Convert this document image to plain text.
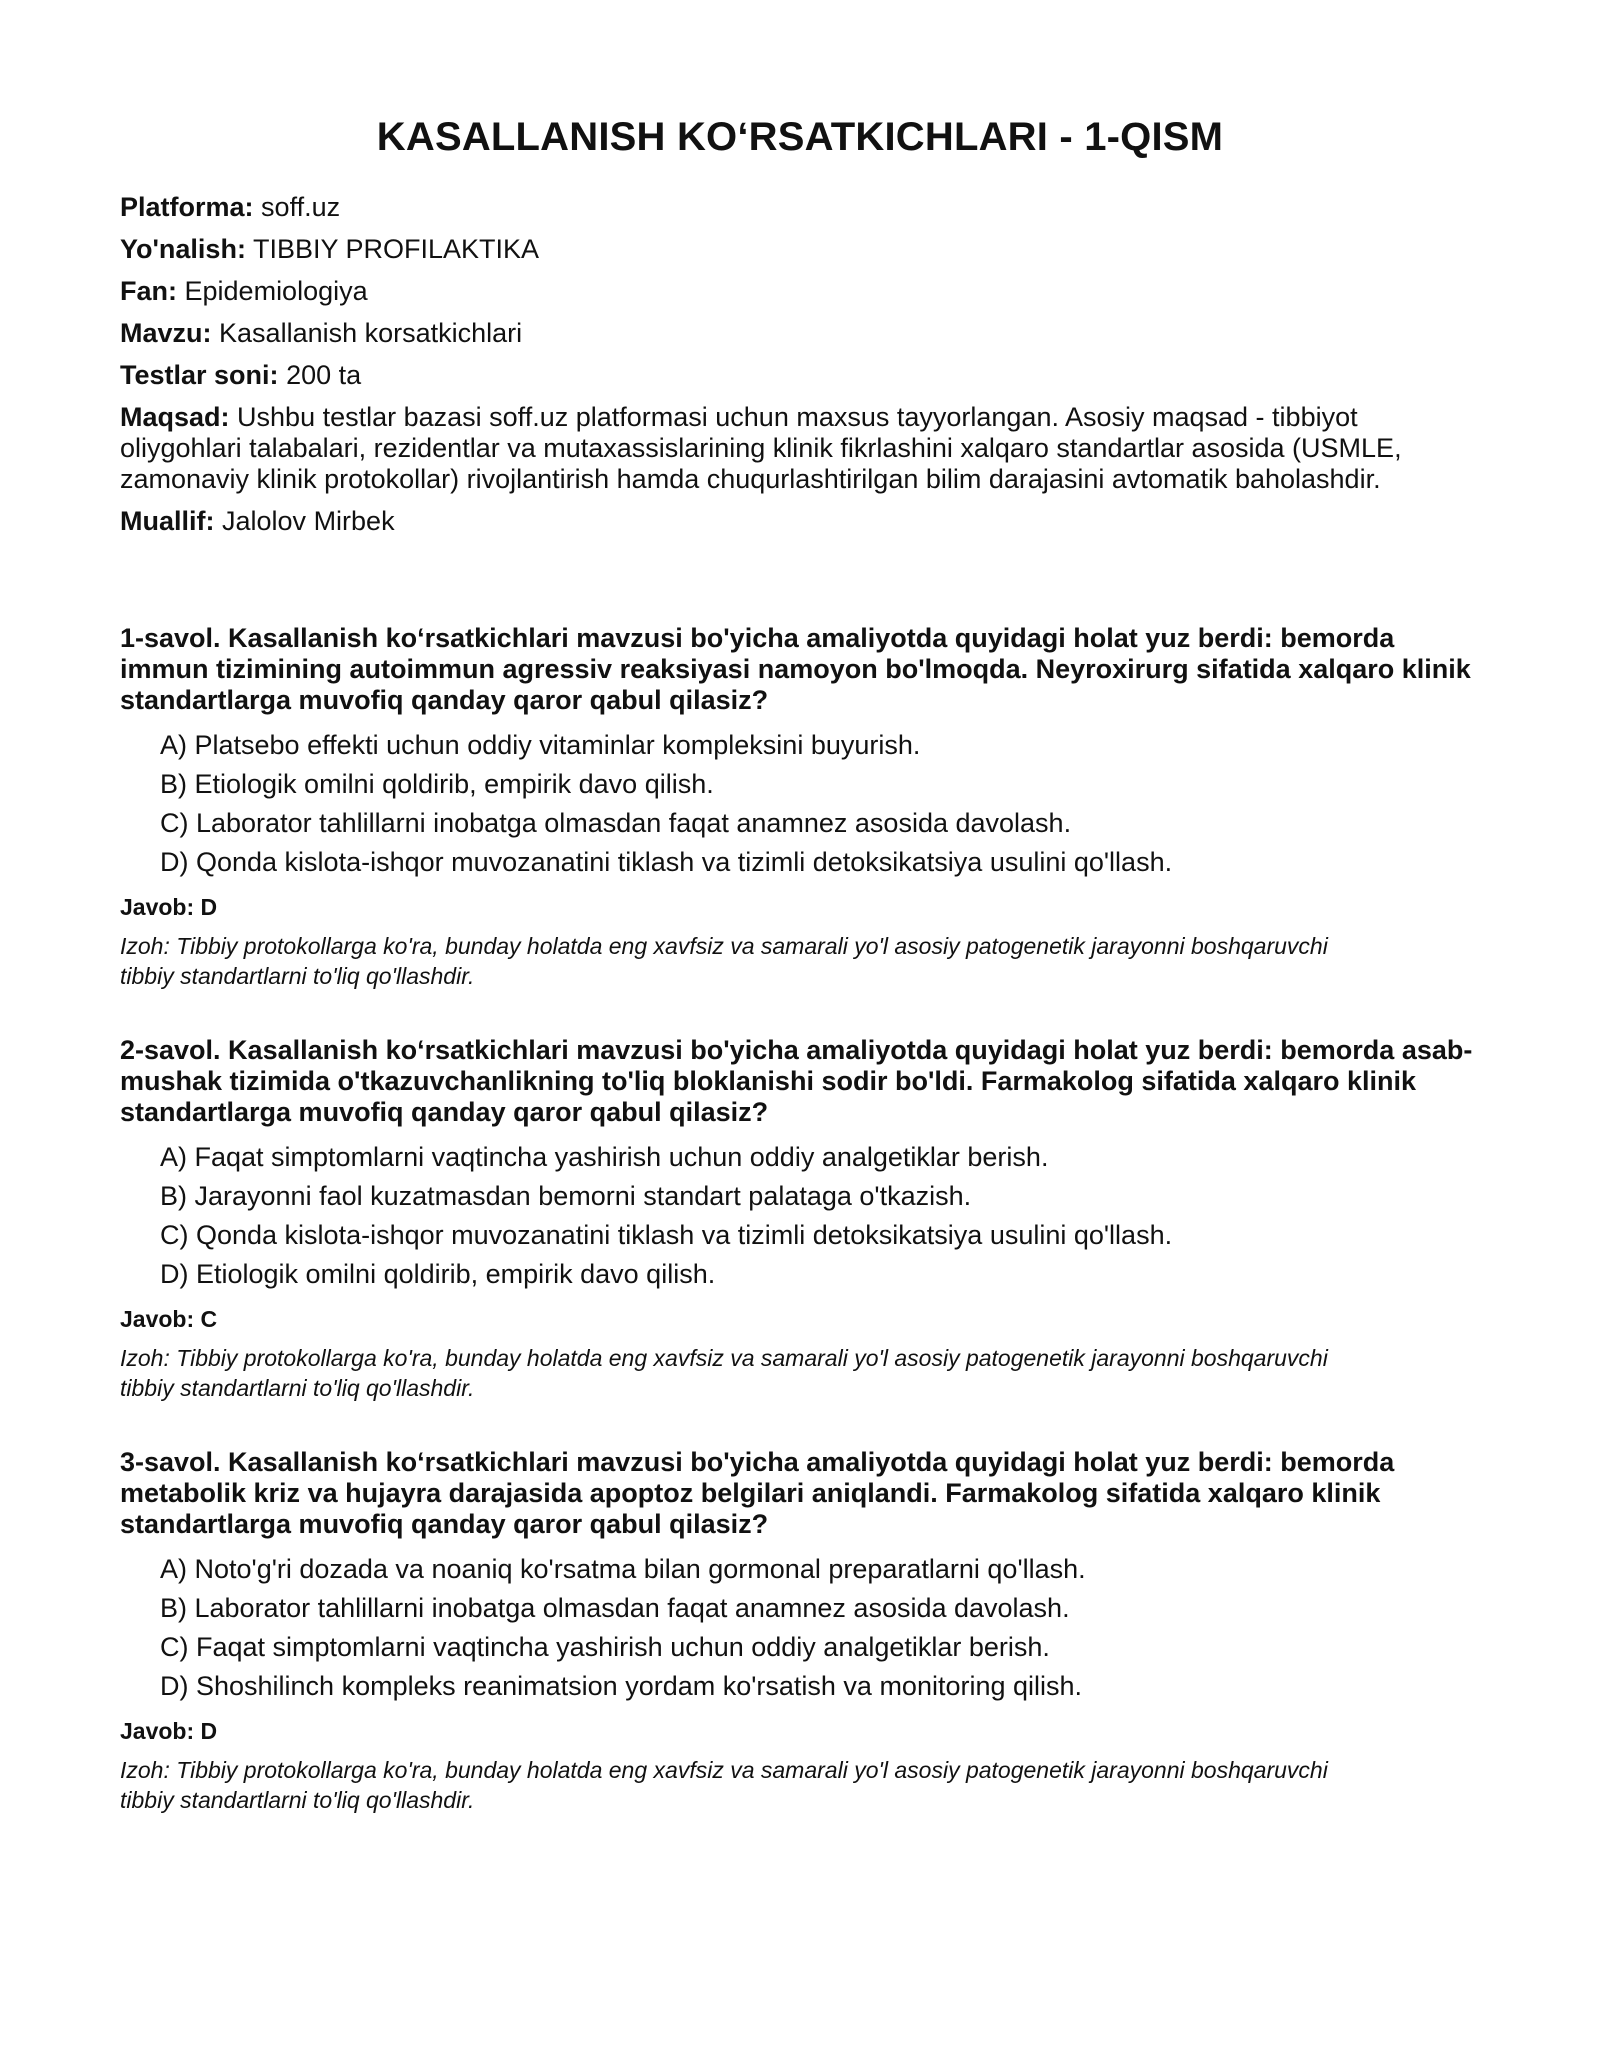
KASALLANISH KO‘RSATKICHLARI - 1-QISM
Platforma: soff.uz
Yo'nalish: TIBBIY PROFILAKTIKA
Fan: Epidemiologiya
Mavzu: Kasallanish korsatkichlari
Testlar soni: 200 ta
Maqsad: Ushbu testlar bazasi soff.uz platformasi uchun maxsus tayyorlangan. Asosiy maqsad - tibbiyot oliygohlari talabalari, rezidentlar va mutaxassislarining klinik fikrlashini xalqaro standartlar asosida (USMLE, zamonaviy klinik protokollar) rivojlantirish hamda chuqurlashtirilgan bilim darajasini avtomatik baholashdir.
Muallif: Jalolov Mirbek
1-savol. Kasallanish ko‘rsatkichlari mavzusi bo'yicha amaliyotda quyidagi holat yuz berdi: bemorda immun tizimining autoimmun agressiv reaksiyasi namoyon bo'lmoqda. Neyroxirurg sifatida xalqaro klinik standartlarga muvofiq qanday qaror qabul qilasiz?
A) Platsebo effekti uchun oddiy vitaminlar kompleksini buyurish.
B) Etiologik omilni qoldirib, empirik davo qilish.
C) Laborator tahlillarni inobatga olmasdan faqat anamnez asosida davolash.
D) Qonda kislota-ishqor muvozanatini tiklash va tizimli detoksikatsiya usulini qo'llash.
Javob: D
Izoh: Tibbiy protokollarga ko'ra, bunday holatda eng xavfsiz va samarali yo'l asosiy patogenetik jarayonni boshqaruvchi tibbiy standartlarni to'liq qo'llashdir.
2-savol. Kasallanish ko‘rsatkichlari mavzusi bo'yicha amaliyotda quyidagi holat yuz berdi: bemorda asab-mushak tizimida o'tkazuvchanlikning to'liq bloklanishi sodir bo'ldi. Farmakolog sifatida xalqaro klinik standartlarga muvofiq qanday qaror qabul qilasiz?
A) Faqat simptomlarni vaqtincha yashirish uchun oddiy analgetiklar berish.
B) Jarayonni faol kuzatmasdan bemorni standart palataga o'tkazish.
C) Qonda kislota-ishqor muvozanatini tiklash va tizimli detoksikatsiya usulini qo'llash.
D) Etiologik omilni qoldirib, empirik davo qilish.
Javob: C
Izoh: Tibbiy protokollarga ko'ra, bunday holatda eng xavfsiz va samarali yo'l asosiy patogenetik jarayonni boshqaruvchi tibbiy standartlarni to'liq qo'llashdir.
3-savol. Kasallanish ko‘rsatkichlari mavzusi bo'yicha amaliyotda quyidagi holat yuz berdi: bemorda metabolik kriz va hujayra darajasida apoptoz belgilari aniqlandi. Farmakolog sifatida xalqaro klinik standartlarga muvofiq qanday qaror qabul qilasiz?
A) Noto'g'ri dozada va noaniq ko'rsatma bilan gormonal preparatlarni qo'llash.
B) Laborator tahlillarni inobatga olmasdan faqat anamnez asosida davolash.
C) Faqat simptomlarni vaqtincha yashirish uchun oddiy analgetiklar berish.
D) Shoshilinch kompleks reanimatsion yordam ko'rsatish va monitoring qilish.
Javob: D
Izoh: Tibbiy protokollarga ko'ra, bunday holatda eng xavfsiz va samarali yo'l asosiy patogenetik jarayonni boshqaruvchi tibbiy standartlarni to'liq qo'llashdir.
